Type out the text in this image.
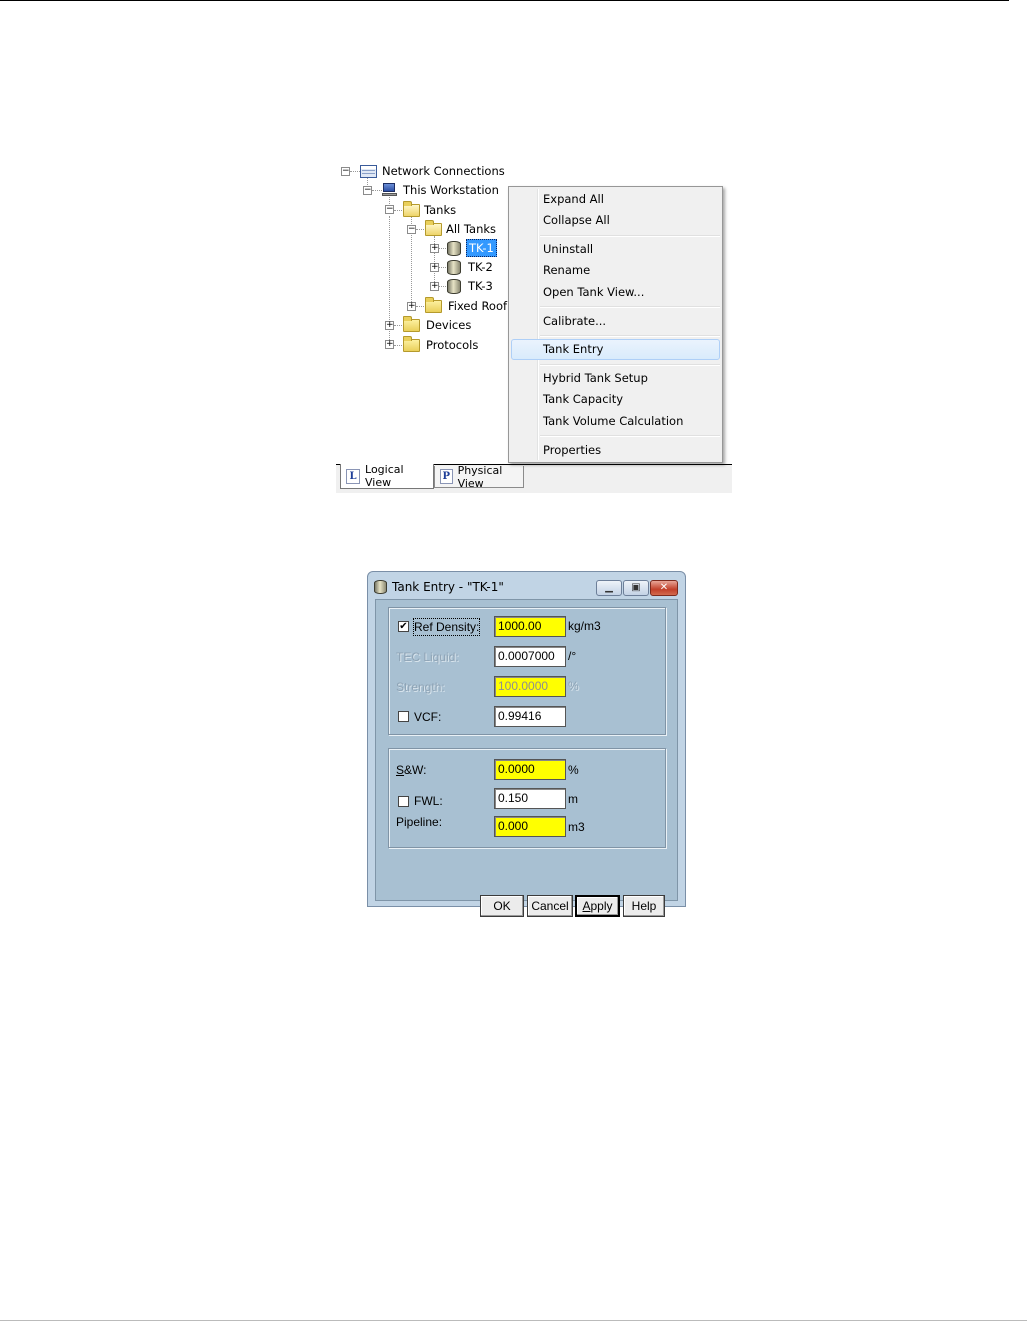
−
−
−
−
+
+
+
+
+
+
Network Connections
This Workstation
Tanks
All Tanks
TK-1
TK-2
TK-3
Fixed Roof
Devices
Protocols
L Logical View	P Physical View
Expand All
Collapse All
Uninstall
Rename
Open Tank View...
Calibrate...
Tank Entry
Hybrid Tank Setup
Tank Capacity
Tank Volume Calculation
Properties
Tank Entry - "TK-1"	▁	▣	✕
✔ Ref Density:	1000.00	kg/m3
TEC Liquid:	0.0007000	/°
Strength:	100.0000	%
VCF:	0.99416
S&W:	0.0000	%
FWL:	0.150	m
Pipeline:	0.000	m3
OK	Cancel	Apply	Help
